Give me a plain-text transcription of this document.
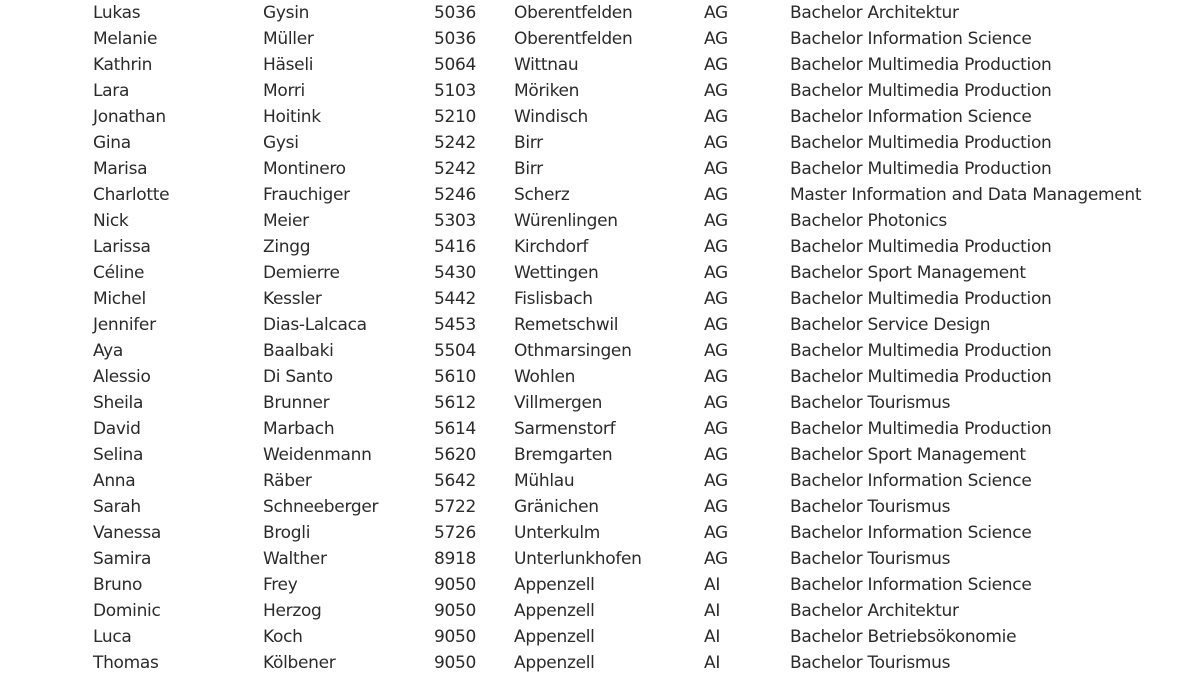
Lukas	Gysin	5036 Oberentfelden	AG	Bachelor Architektur
Melanie	Müller	5036 Oberentfelden	AG	Bachelor Information Science
Kathrin	Häseli	5064 Wittnau	AG	Bachelor Multimedia Production
Lara	Morri	5103 Möriken	AG	Bachelor Multimedia Production
Jonathan	Hoitink	5210 Windisch	AG	Bachelor Information Science
Gina	Gysi	5242 Birr	AG	Bachelor Multimedia Production
Marisa	Montinero	5242 Birr	AG	Bachelor Multimedia Production
Charlotte	Frauchiger	5246 Scherz	AG	Master Information and Data Management
Nick	Meier	5303 Würenlingen	AG	Bachelor Photonics
Larissa	Zingg	5416 Kirchdorf	AG	Bachelor Multimedia Production
Céline	Demierre	5430 Wettingen	AG	Bachelor Sport Management
Michel	Kessler	5442 Fislisbach	AG	Bachelor Multimedia Production
Jennifer	Dias-Lalcaca	5453 Remetschwil	AG	Bachelor Service Design
Aya	Baalbaki	5504 Othmarsingen	AG	Bachelor Multimedia Production
Alessio	Di Santo	5610 Wohlen	AG	Bachelor Multimedia Production
Sheila	Brunner	5612 Villmergen	AG	Bachelor Tourismus
David	Marbach	5614 Sarmenstorf	AG	Bachelor Multimedia Production
Selina	Weidenmann	5620 Bremgarten	AG	Bachelor Sport Management
Anna	Räber	5642 Mühlau	AG	Bachelor Information Science
Sarah	Schneeberger	5722 Gränichen	AG	Bachelor Tourismus
Vanessa	Brogli	5726 Unterkulm	AG	Bachelor Information Science
Samira	Walther	8918 Unterlunkhofen	AG	Bachelor Tourismus
Bruno	Frey	9050 Appenzell	AI	Bachelor Information Science
Dominic	Herzog	9050 Appenzell	AI	Bachelor Architektur
Luca	Koch	9050 Appenzell	AI	Bachelor Betriebsökonomie
Thomas	Kölbener	9050 Appenzell	AI	Bachelor Tourismus
